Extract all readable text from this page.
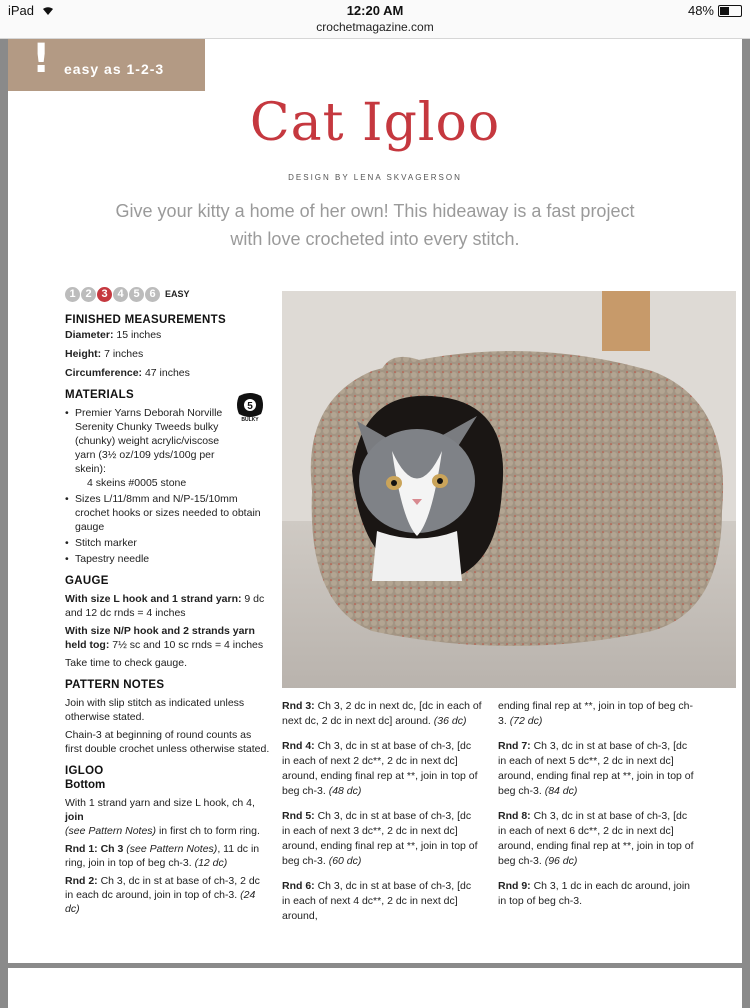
iPad	12:20 AM	48%
crochetmagazine.com
! easy as 1-2-3
Cat Igloo
DESIGN BY LENA SKVAGERSON
Give your kitty a home of her own! This hideaway is a fast project
with love crocheted into every stitch.
1 2 3 4 5 6	EASY
FINISHED MEASUREMENTS
Diameter: 15 inches
Height: 7 inches
Circumference: 47 inches
MATERIALS
5
BULKY
• Premier Yarns Deborah Norville Serenity Chunky Tweeds bulky (chunky) weight acrylic/viscose yarn (3½ oz/109 yds/100g per skein):
4 skeins #0005 stone
• Sizes L/11/8mm and N/P-15/10mm crochet hooks or sizes needed to obtain gauge
• Stitch marker
• Tapestry needle
GAUGE
With size L hook and 1 strand yarn: 9 dc and 12 dc rnds = 4 inches
With size N/P hook and 2 strands yarn held tog: 7½ sc and 10 sc rnds = 4 inches
Take time to check gauge.
PATTERN NOTES
Join with slip stitch as indicated unless otherwise stated.
Chain-3 at beginning of round counts as first double crochet unless otherwise stated.
IGLOO
Bottom
With 1 strand yarn and size L hook, ch 4, join
(see Pattern Notes) in first ch to form ring.
Rnd 1: Ch 3 (see Pattern Notes), 11 dc in ring, join in top of beg ch-3. (12 dc)
Rnd 2: Ch 3, dc in st at base of ch-3, 2 dc in each dc around, join in top of ch-3. (24 dc)

Rnd 3: Ch 3, 2 dc in next dc, [dc in each of next dc, 2 dc in next dc] around. (36 dc)

Rnd 4: Ch 3, dc in st at base of ch-3, [dc in each of next 2 dc**, 2 dc in next dc] around, ending final rep at **, join in top of beg ch-3. (48 dc)

Rnd 5: Ch 3, dc in st at base of ch-3, [dc in each of next 3 dc**, 2 dc in next dc] around, ending final rep at **, join in top of beg ch-3. (60 dc)

Rnd 6: Ch 3, dc in st at base of ch-3, [dc in each of next 4 dc**, 2 dc in next dc] around,

ending final rep at **, join in top of beg ch-3. (72 dc)

Rnd 7: Ch 3, dc in st at base of ch-3, [dc in each of next 5 dc**, 2 dc in next dc] around, ending final rep at **, join in top of beg ch-3. (84 dc)

Rnd 8: Ch 3, dc in st at base of ch-3, [dc in each of next 6 dc**, 2 dc in next dc] around, ending final rep at **, join in top of beg ch-3. (96 dc)

Rnd 9: Ch 3, 1 dc in each dc around, join in top of beg ch-3.
